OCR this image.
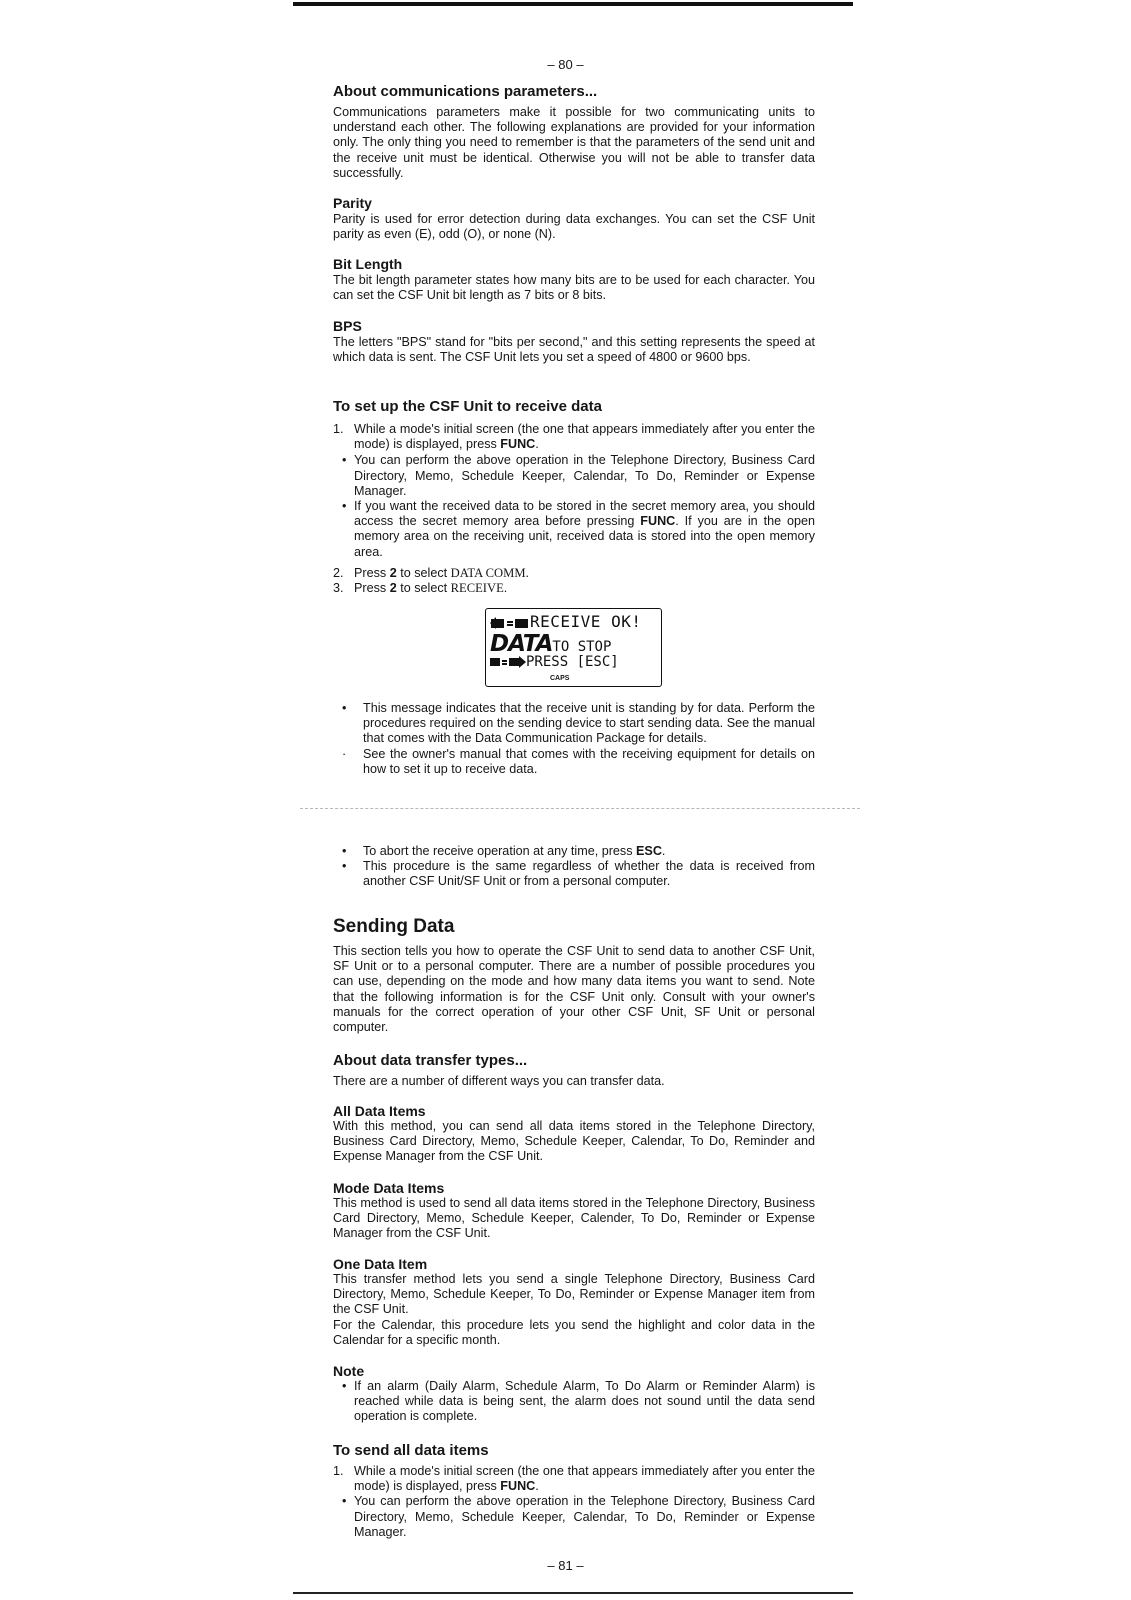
– 80 –
About communications parameters...

Communications parameters make it possible for two communicating units to understand each other. The following explanations are provided for your information only. The only thing you need to remember is that the parameters of the send unit and the receive unit must be identical. Otherwise you will not be able to transfer data successfully.

Parity

Parity is used for error detection during data exchanges. You can set the CSF Unit parity as even (E), odd (O), or none (N).

Bit Length

The bit length parameter states how many bits are to be used for each character. You can set the CSF Unit bit length as 7 bits or 8 bits.

BPS

The letters "BPS" stand for "bits per second," and this setting represents the speed at which data is sent. The CSF Unit lets you set a speed of 4800 or 9600 bps.

To set up the CSF Unit to receive data
1. While a mode's initial screen (the one that appears immediately after you enter the mode) is displayed, press FUNC.
• You can perform the above operation in the Telephone Directory, Business Card Directory, Memo, Schedule Keeper, Calendar, To Do, Reminder or Expense Manager.
• If you want the received data to be stored in the secret memory area, you should access the secret memory area before pressing FUNC. If you are in the open memory area on the receiving unit, received data is stored into the open memory area.
2. Press 2 to select DATA COMM.
3. Press 2 to select RECEIVE.
RECEIVE OK!
DATATO STOP
PRESS [ESC]
CAPS
• This message indicates that the receive unit is standing by for data. Perform the procedures required on the sending device to start sending data. See the manual that comes with the Data Communication Package for details.
· See the owner's manual that comes with the receiving equipment for details on how to set it up to receive data.
• To abort the receive operation at any time, press ESC.
• This procedure is the same regardless of whether the data is received from another CSF Unit/SF Unit or from a personal computer.
Sending Data

This section tells you how to operate the CSF Unit to send data to another CSF Unit, SF Unit or to a personal computer. There are a number of possible procedures you can use, depending on the mode and how many data items you want to send. Note that the following information is for the CSF Unit only. Consult with your owner's manuals for the correct operation of your other CSF Unit, SF Unit or personal computer.

About data transfer types...

There are a number of different ways you can transfer data.

All Data Items

With this method, you can send all data items stored in the Telephone Directory, Business Card Directory, Memo, Schedule Keeper, Calendar, To Do, Reminder and Expense Manager from the CSF Unit.

Mode Data Items

This method is used to send all data items stored in the Telephone Directory, Business Card Directory, Memo, Schedule Keeper, Calender, To Do, Reminder or Expense Manager from the CSF Unit.

One Data Item

This transfer method lets you send a single Telephone Directory, Business Card Directory, Memo, Schedule Keeper, To Do, Reminder or Expense Manager item from the CSF Unit.

For the Calendar, this procedure lets you send the highlight and color data in the Calendar for a specific month.

Note
• If an alarm (Daily Alarm, Schedule Alarm, To Do Alarm or Reminder Alarm) is reached while data is being sent, the alarm does not sound until the data send operation is complete.
To send all data items
1. While a mode's initial screen (the one that appears immediately after you enter the mode) is displayed, press FUNC.
• You can perform the above operation in the Telephone Directory, Business Card Directory, Memo, Schedule Keeper, Calendar, To Do, Reminder or Expense Manager.
– 81 –
